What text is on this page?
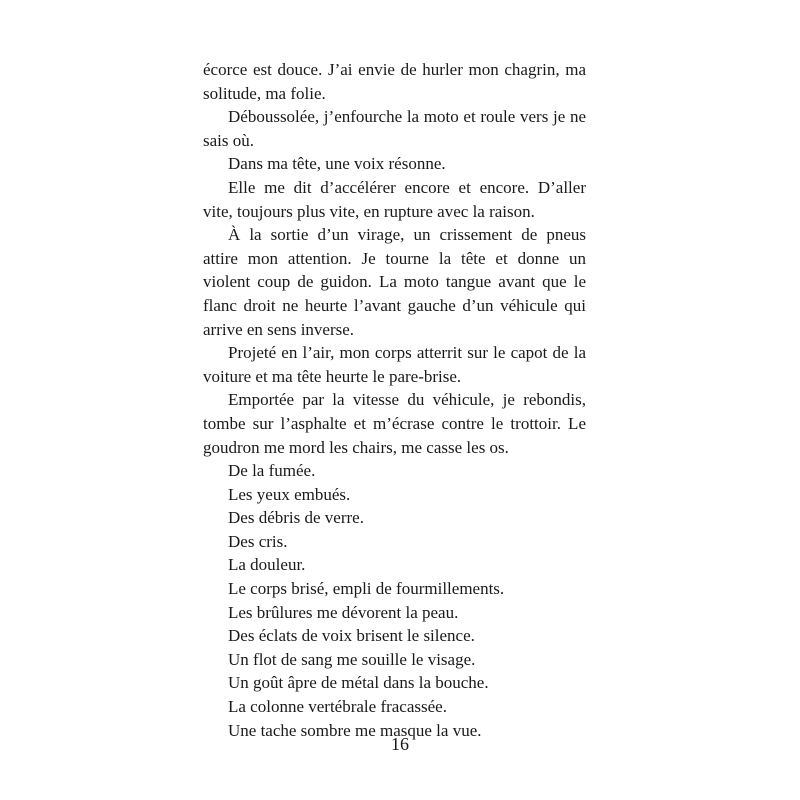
écorce est douce. J’ai envie de hurler mon chagrin, ma solitude, ma folie.

Déboussolée, j’enfourche la moto et roule vers je ne sais où.

Dans ma tête, une voix résonne.

Elle me dit d’accélérer encore et encore. D’aller vite, toujours plus vite, en rupture avec la raison.

À la sortie d’un virage, un crissement de pneus attire mon attention. Je tourne la tête et donne un violent coup de guidon. La moto tangue avant que le flanc droit ne heurte l’avant gauche d’un véhicule qui arrive en sens inverse.

Projeté en l’air, mon corps atterrit sur le capot de la voiture et ma tête heurte le pare-brise.

Emportée par la vitesse du véhicule, je rebondis, tombe sur l’asphalte et m’écrase contre le trottoir. Le goudron me mord les chairs, me casse les os.

De la fumée.

Les yeux embués.

Des débris de verre.

Des cris.

La douleur.

Le corps brisé, empli de fourmillements.

Les brûlures me dévorent la peau.

Des éclats de voix brisent le silence.

Un flot de sang me souille le visage.

Un goût âpre de métal dans la bouche.

La colonne vertébrale fracassée.

Une tache sombre me masque la vue.

16
